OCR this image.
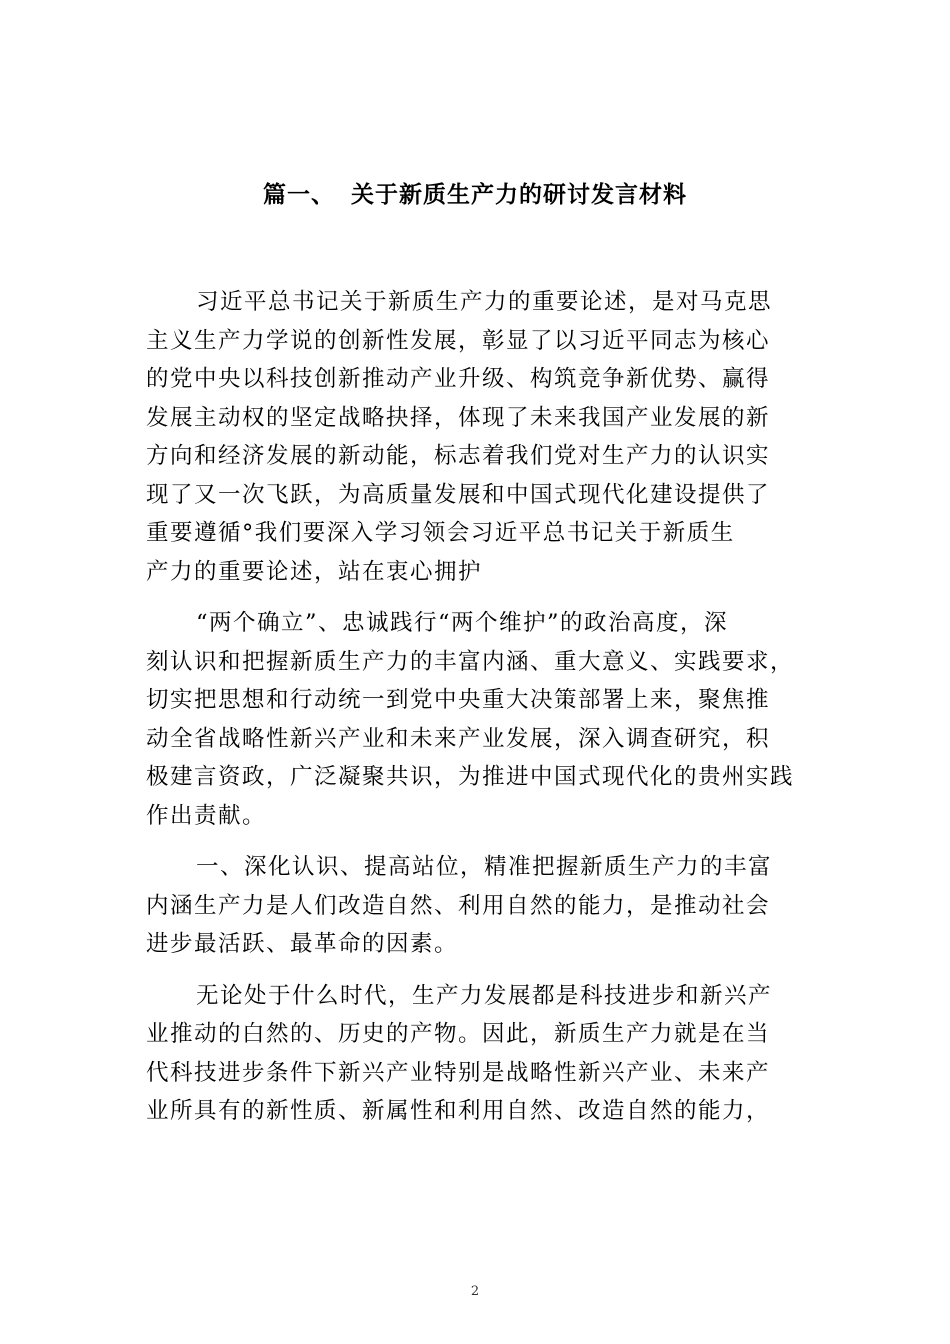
篇一、 关于新质生产力的研讨发言材料

习近平总书记关于新质生产力的重要论述，是对马克思
主义生产力学说的创新性发展，彰显了以习近平同志为核心
的党中央以科技创新推动产业升级、构筑竞争新优势、赢得
发展主动权的坚定战略抉择，体现了未来我国产业发展的新
方向和经济发展的新动能，标志着我们党对生产力的认识实
现了又一次飞跃，为高质量发展和中国式现代化建设提供了
重要遵循°我们要深入学习领会习近平总书记关于新质生
产力的重要论述，站在衷心拥护

“两个确立”、忠诚践行“两个维护”的政治高度，深
刻认识和把握新质生产力的丰富内涵、重大意义、实践要求，
切实把思想和行动统一到党中央重大决策部署上来，聚焦推
动全省战略性新兴产业和未来产业发展，深入调查研究，积
极建言资政，广泛凝聚共识，为推进中国式现代化的贵州实践
作出责献。

一、深化认识、提高站位，精准把握新质生产力的丰富
内涵生产力是人们改造自然、利用自然的能力，是推动社会
进步最活跃、最革命的因素。

无论处于什么时代，生产力发展都是科技进步和新兴产
业推动的白然的、历史的产物。因此，新质生产力就是在当
代科技进步条件下新兴产业特别是战略性新兴产业、未来产
业所具有的新性质、新属性和利用自然、改造自然的能力，

2
